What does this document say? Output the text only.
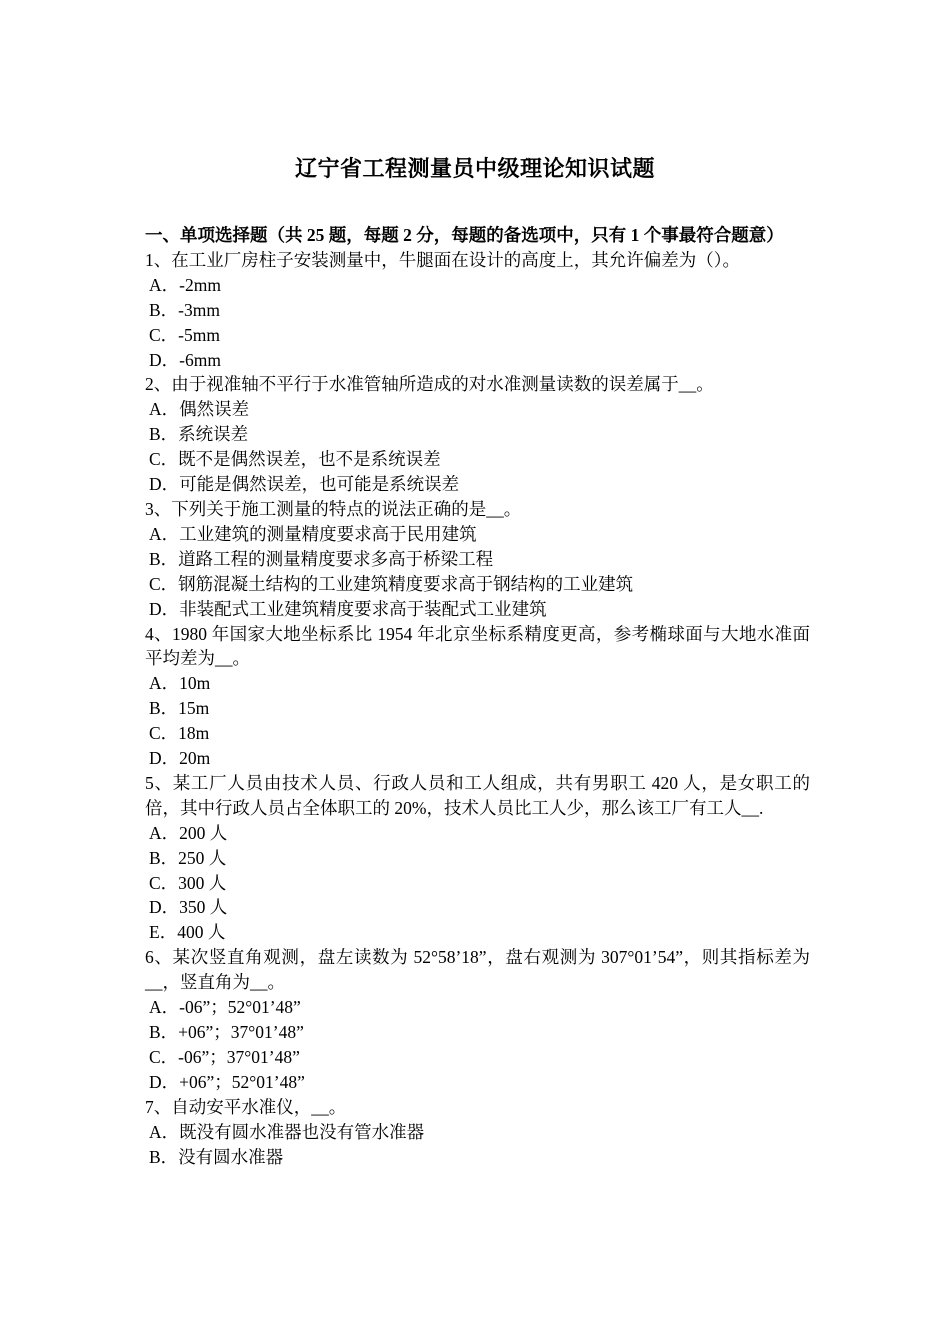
辽宁省工程测量员中级理论知识试题

一、单项选择题（共 25 题，每题 2 分，每题的备选项中，只有 1 个事最符合题意）

1、在工业厂房柱子安装测量中，牛腿面在设计的高度上，其允许偏差为（）。
A．-2mm
B．-3mm
C．-5mm
D．-6mm
2、由于视准轴不平行于水准管轴所造成的对水准测量读数的误差属于__。
A．偶然误差
B．系统误差
C．既不是偶然误差，也不是系统误差
D．可能是偶然误差，也可能是系统误差
3、下列关于施工测量的特点的说法正确的是__。
A．工业建筑的测量精度要求高于民用建筑
B．道路工程的测量精度要求多高于桥梁工程
C．钢筋混凝土结构的工业建筑精度要求高于钢结构的工业建筑
D．非装配式工业建筑精度要求高于装配式工业建筑
4、1980 年国家大地坐标系比 1954 年北京坐标系精度更高，参考椭球面与大地水准面平均差为__。
A．10m
B．15m
C．18m
D．20m
5、某工厂人员由技术人员、行政人员和工人组成，共有男职工 420 人，是女职工的倍，其中行政人员占全体职工的 20%，技术人员比工人少，那么该工厂有工人__.
A．200 人
B．250 人
C．300 人
D．350 人
E．400 人
6、某次竖直角观测，盘左读数为 52°58’18”，盘右观测为 307°01’54”，则其指标差为__，竖直角为__。
A．-06”；52°01’48”
B．+06”；37°01’48”
C．-06”；37°01’48”
D．+06”；52°01’48”
7、自动安平水准仪，__。
A．既没有圆水准器也没有管水准器
B．没有圆水准器
